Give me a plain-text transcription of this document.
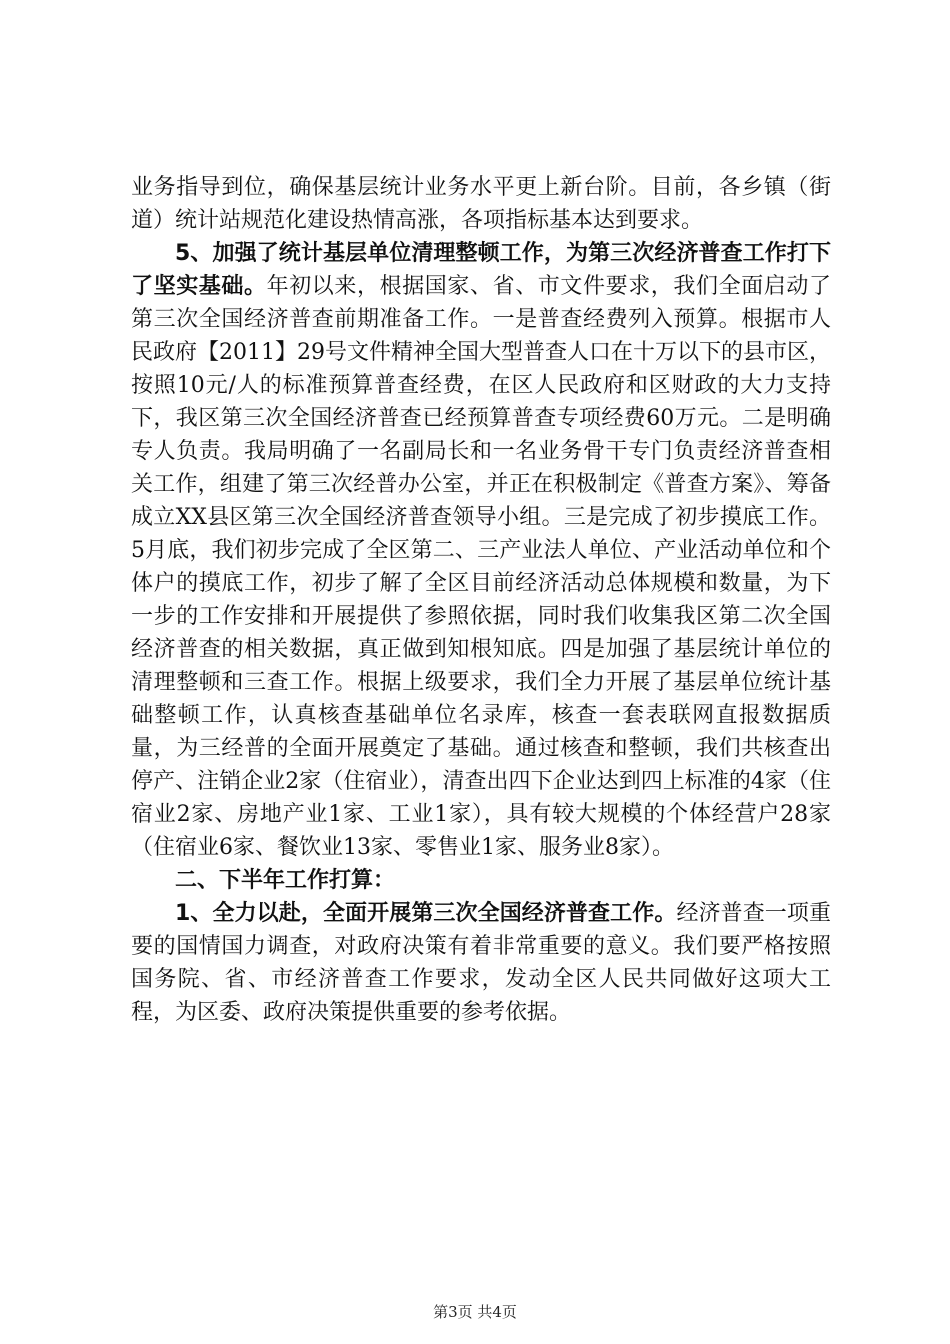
业务指导到位，确保基层统计业务水平更上新台阶。目前，各乡镇（街道）统计站规范化建设热情高涨，各项指标基本达到要求。

5、加强了统计基层单位清理整顿工作，为第三次经济普查工作打下了坚实基础。年初以来，根据国家、省、市文件要求，我们全面启动了第三次全国经济普查前期准备工作。一是普查经费列入预算。根据市人民政府【2011】29号文件精神全国大型普查人口在十万以下的县市区，按照10元/人的标准预算普查经费，在区人民政府和区财政的大力支持下，我区第三次全国经济普查已经预算普查专项经费60万元。二是明确专人负责。我局明确了一名副局长和一名业务骨干专门负责经济普查相关工作，组建了第三次经普办公室，并正在积极制定《普查方案》、筹备成立XX县区第三次全国经济普查领导小组。三是完成了初步摸底工作。5月底，我们初步完成了全区第二、三产业法人单位、产业活动单位和个体户的摸底工作，初步了解了全区目前经济活动总体规模和数量，为下一步的工作安排和开展提供了参照依据，同时我们收集我区第二次全国经济普查的相关数据，真正做到知根知底。四是加强了基层统计单位的清理整顿和三查工作。根据上级要求，我们全力开展了基层单位统计基础整顿工作，认真核查基础单位名录库，核查一套表联网直报数据质量，为三经普的全面开展奠定了基础。通过核查和整顿，我们共核查出停产、注销企业2家（住宿业），清查出四下企业达到四上标准的4家（住宿业2家、房地产业1家、工业1家），具有较大规模的个体经营户28家（住宿业6家、餐饮业13家、零售业1家、服务业8家）。

二、下半年工作打算：

1、全力以赴，全面开展第三次全国经济普查工作。经济普查一项重要的国情国力调查，对政府决策有着非常重要的意义。我们要严格按照国务院、省、市经济普查工作要求，发动全区人民共同做好这项大工程，为区委、政府决策提供重要的参考依据。

第3页 共4页
